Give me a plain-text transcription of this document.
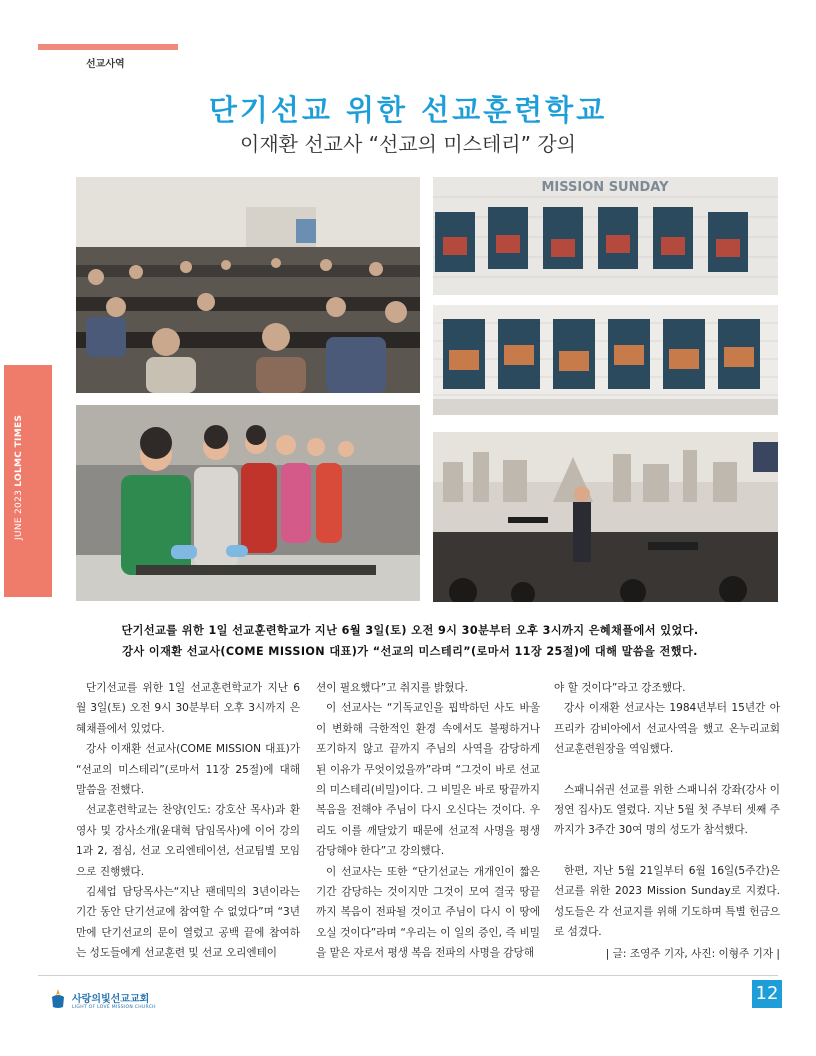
선교사역
JUNE 2023 LOLMC TIMES
단기선교 위한 선교훈련학교
이재환 선교사 “선교의 미스테리” 강의
MISSION SUNDAY
단기선교를 위한 1일 선교훈련학교가 지난 6월 3일(토) 오전 9시 30분부터 오후 3시까지 은혜채플에서 있었다.
강사 이재환 선교사(COME MISSION 대표)가 “선교의 미스테리”(로마서 11장 25절)에 대해 말씀을 전했다.

단기선교를 위한 1일 선교훈련학교가 지난 6월 3일(토) 오전 9시 30분부터 오후 3시까지 은혜채플에서 있었다.

강사 이재환 선교사(COME MISSION 대표)가 “선교의 미스테리”(로마서 11장 25절)에 대해 말씀을 전했다.

선교훈련학교는 찬양(인도: 강호산 목사)과 환영사 및 강사소개(윤대혁 담임목사)에 이어 강의 1과 2, 점심, 선교 오리엔테이션, 선교팀별 모임으로 진행했다.

김세업 담당목사는“지난 팬데믹의 3년이라는 기간 동안 단기선교에 참여할 수 없었다”며 “3년 만에 단기선교의 문이 열렸고 공백 끝에 참여하는 성도들에게 선교훈련 및 선교 오리엔테이

션이 필요했다”고 취지를 밝혔다.

이 선교사는 “기독교인을 핍박하던 사도 바울이 변화해 극한적인 환경 속에서도 불평하거나 포기하지 않고 끝까지 주님의 사역을 감당하게 된 이유가 무엇이었을까”라며 “그것이 바로 선교의 미스테리(비밀)이다. 그 비밀은 바로 땅끝까지 복음을 전해야 주님이 다시 오신다는 것이다. 우리도 이를 깨달았기 때문에 선교적 사명을 평생 감당해야 한다”고 강의했다.

이 선교사는 또한 “단기선교는 개개인이 짧은 기간 감당하는 것이지만 그것이 모여 결국 땅끝까지 복음이 전파될 것이고 주님이 다시 이 땅에 오실 것이다”라며 “우리는 이 일의 증인, 즉 비밀을 맡은 자로서 평생 복음 전파의 사명을 감당해

야 할 것이다”라고 강조했다.

강사 이재환 선교사는 1984년부터 15년간 아프리카 감비아에서 선교사역을 했고 온누리교회 선교훈련원장을 역임했다.

스패니쉬권 선교를 위한 스패니쉬 강좌(강사 이정연 집사)도 열렸다. 지난 5월 첫 주부터 셋째 주까지가 3주간 30여 명의 성도가 참석했다.

한편, 지난 5월 21일부터 6월 16일(5주간)은 선교를 위한 2023 Mission Sunday로 지켰다. 성도들은 각 선교지를 위해 기도하며 특별 헌금으로 섬겼다.

| 글: 조영주 기자, 사진: 이형주 기자 |
사랑의빛선교교회
LIGHT OF LOVE MISSION CHURCH
12
